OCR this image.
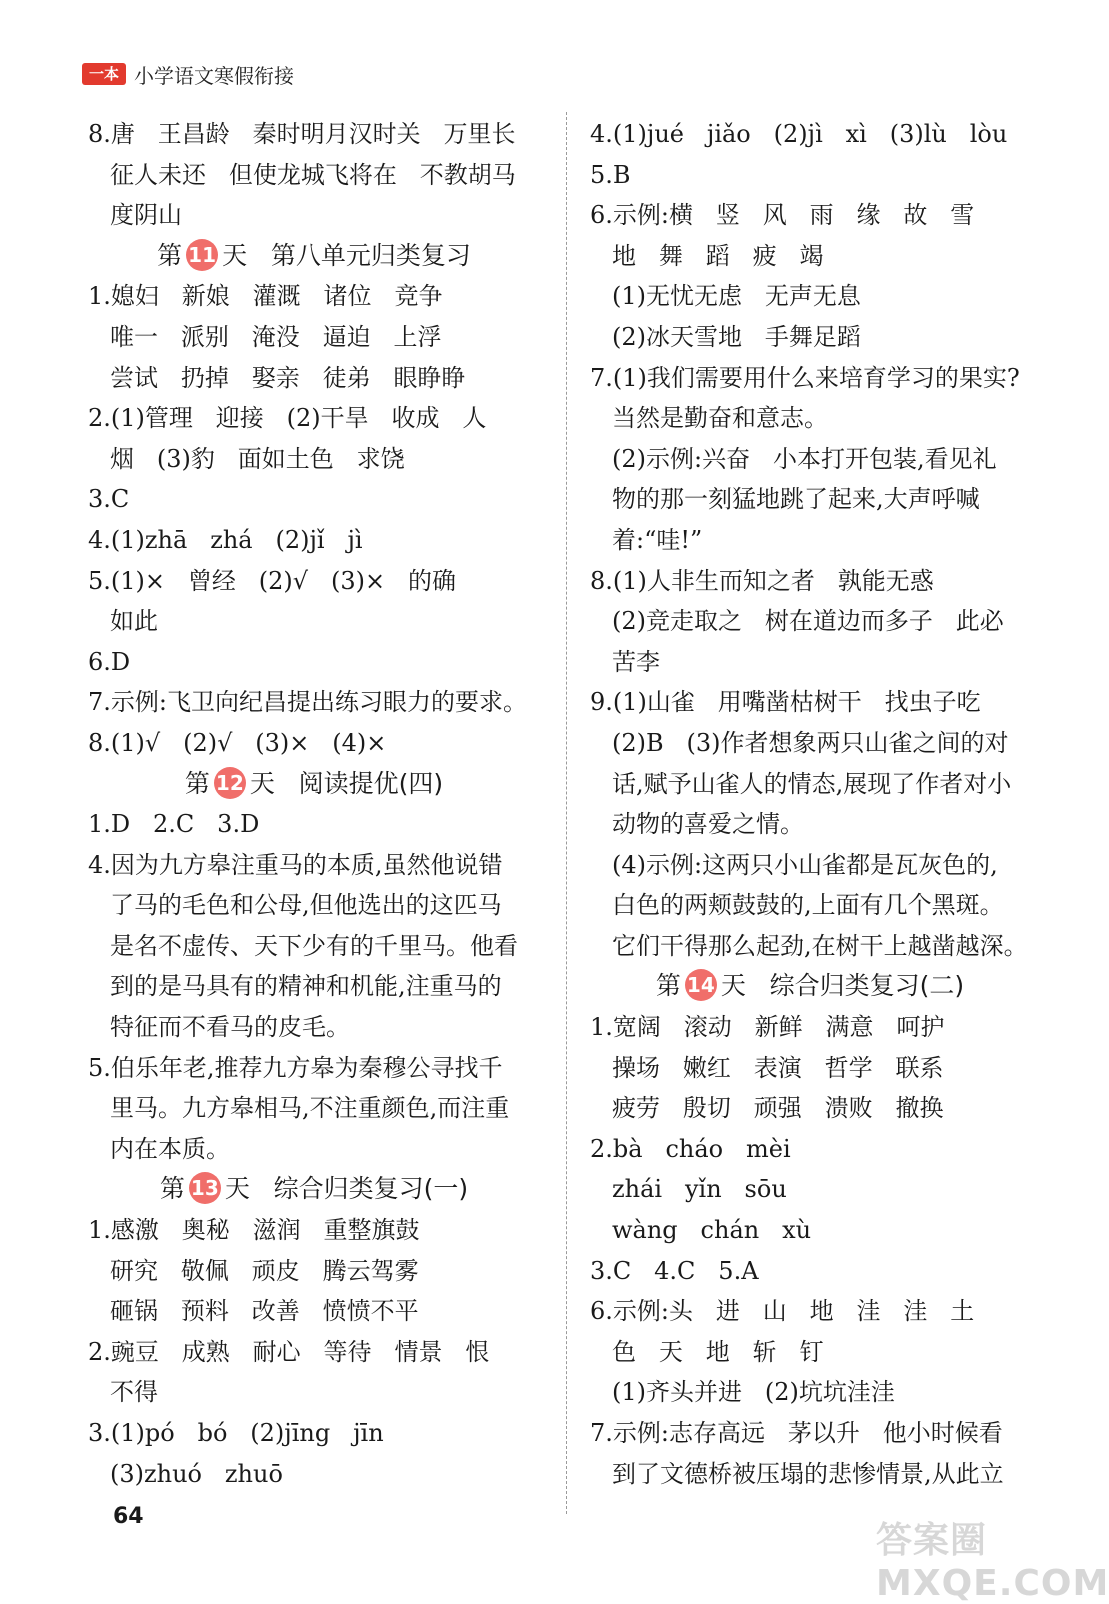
一本 小学语文寒假衔接
8.唐   王昌龄   秦时明月汉时关   万里长
征人未还   但使龙城飞将在   不教胡马
度阴山
第 11 天   第八单元归类复习
1.媳妇   新娘   灌溉   诸位   竞争
唯一   派别   淹没   逼迫   上浮
尝试   扔掉   娶亲   徒弟   眼睁睁
2.(1)管理   迎接   (2)干旱   收成   人
烟   (3)豹   面如土色   求饶
3.C
4.(1)zhā   zhá   (2)jǐ   jì
5.(1)×   曾经   (2)√   (3)×   的确
如此
6.D
7.示例:飞卫向纪昌提出练习眼力的要求。
8.(1)√   (2)√   (3)×   (4)×
第 12 天   阅读提优(四)
1.D   2.C   3.D
4.因为九方皋注重马的本质,虽然他说错
了马的毛色和公母,但他选出的这匹马
是名不虚传、天下少有的千里马。他看
到的是马具有的精神和机能,注重马的
特征而不看马的皮毛。
5.伯乐年老,推荐九方皋为秦穆公寻找千
里马。九方皋相马,不注重颜色,而注重
内在本质。
第 13 天   综合归类复习(一)
1.感激   奥秘   滋润   重整旗鼓
研究   敬佩   顽皮   腾云驾雾
砸锅   预料   改善   愤愤不平
2.豌豆   成熟   耐心   等待   情景   恨
不得
3.(1)pó   bó   (2)jīng   jīn
(3)zhuó   zhuō
4.(1)jué   jiǎo   (2)jì   xì   (3)lù   lòu
5.B
6.示例:横   竖   风   雨   缘   故   雪
地   舞   蹈   疲   竭
(1)无忧无虑   无声无息
(2)冰天雪地   手舞足蹈
7.(1)我们需要用什么来培育学习的果实?
当然是勤奋和意志。
(2)示例:兴奋   小本打开包装,看见礼
物的那一刻猛地跳了起来,大声呼喊
着:“哇!”
8.(1)人非生而知之者   孰能无惑
(2)竞走取之   树在道边而多子   此必
苦李
9.(1)山雀   用嘴凿枯树干   找虫子吃
(2)B   (3)作者想象两只山雀之间的对
话,赋予山雀人的情态,展现了作者对小
动物的喜爱之情。
(4)示例:这两只小山雀都是瓦灰色的,
白色的两颊鼓鼓的,上面有几个黑斑。
它们干得那么起劲,在树干上越凿越深。
第 14 天   综合归类复习(二)
1.宽阔   滚动   新鲜   满意   呵护
操场   嫩红   表演   哲学   联系
疲劳   殷切   顽强   溃败   撤换
2.bà   cháo   mèi
zhái   yǐn   sōu
wàng   chán   xù
3.C   4.C   5.A
6.示例:头   进   山   地   洼   洼   土
色   天   地   斩   钉
(1)齐头并进   (2)坑坑洼洼
7.示例:志存高远   茅以升   他小时候看
到了文德桥被压塌的悲惨情景,从此立
64
答案圈 MXQE.COM
